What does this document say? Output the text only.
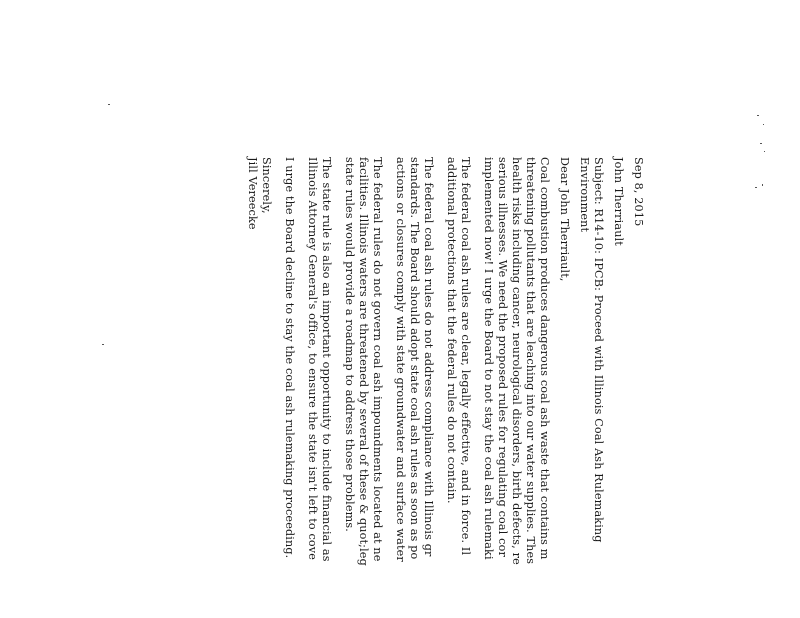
Sep 8, 2015
John Therriault
Subject: R14-10: IPCB: Proceed with Illinois Coal Ash Rulemaking
Environment
Dear John Therriault,
Coal combustion produces dangerous coal ash waste that contains m
threatening pollutants that are leaching into our water supplies. Thes
health risks including cancer, neurological disorders, birth defects, re
serious illnesses. We need the proposed rules for regulating coal cor
implemented now! I urge the Board to not stay the coal ash rulemaki
The federal coal ash rules are clear, legally effective, and in force. Il
additional protections that the federal rules do not contain.
The federal coal ash rules do not address compliance with Illinois gr
standards. The Board should adopt state coal ash rules as soon as po
actions or closures comply with state groundwater and surface water
The federal rules do not govern coal ash impoundments located at ne
facilities. Illinois waters are threatened by several of these & quot;leg
state rules would provide a roadmap to address those problems.
The state rule is also an important opportunity to include financial as
Illinois Attorney General's office, to ensure the state isn't left to cove
I urge the Board decline to stay the coal ash rulemaking proceeding.
Sincerely,
Jill Vereecke
